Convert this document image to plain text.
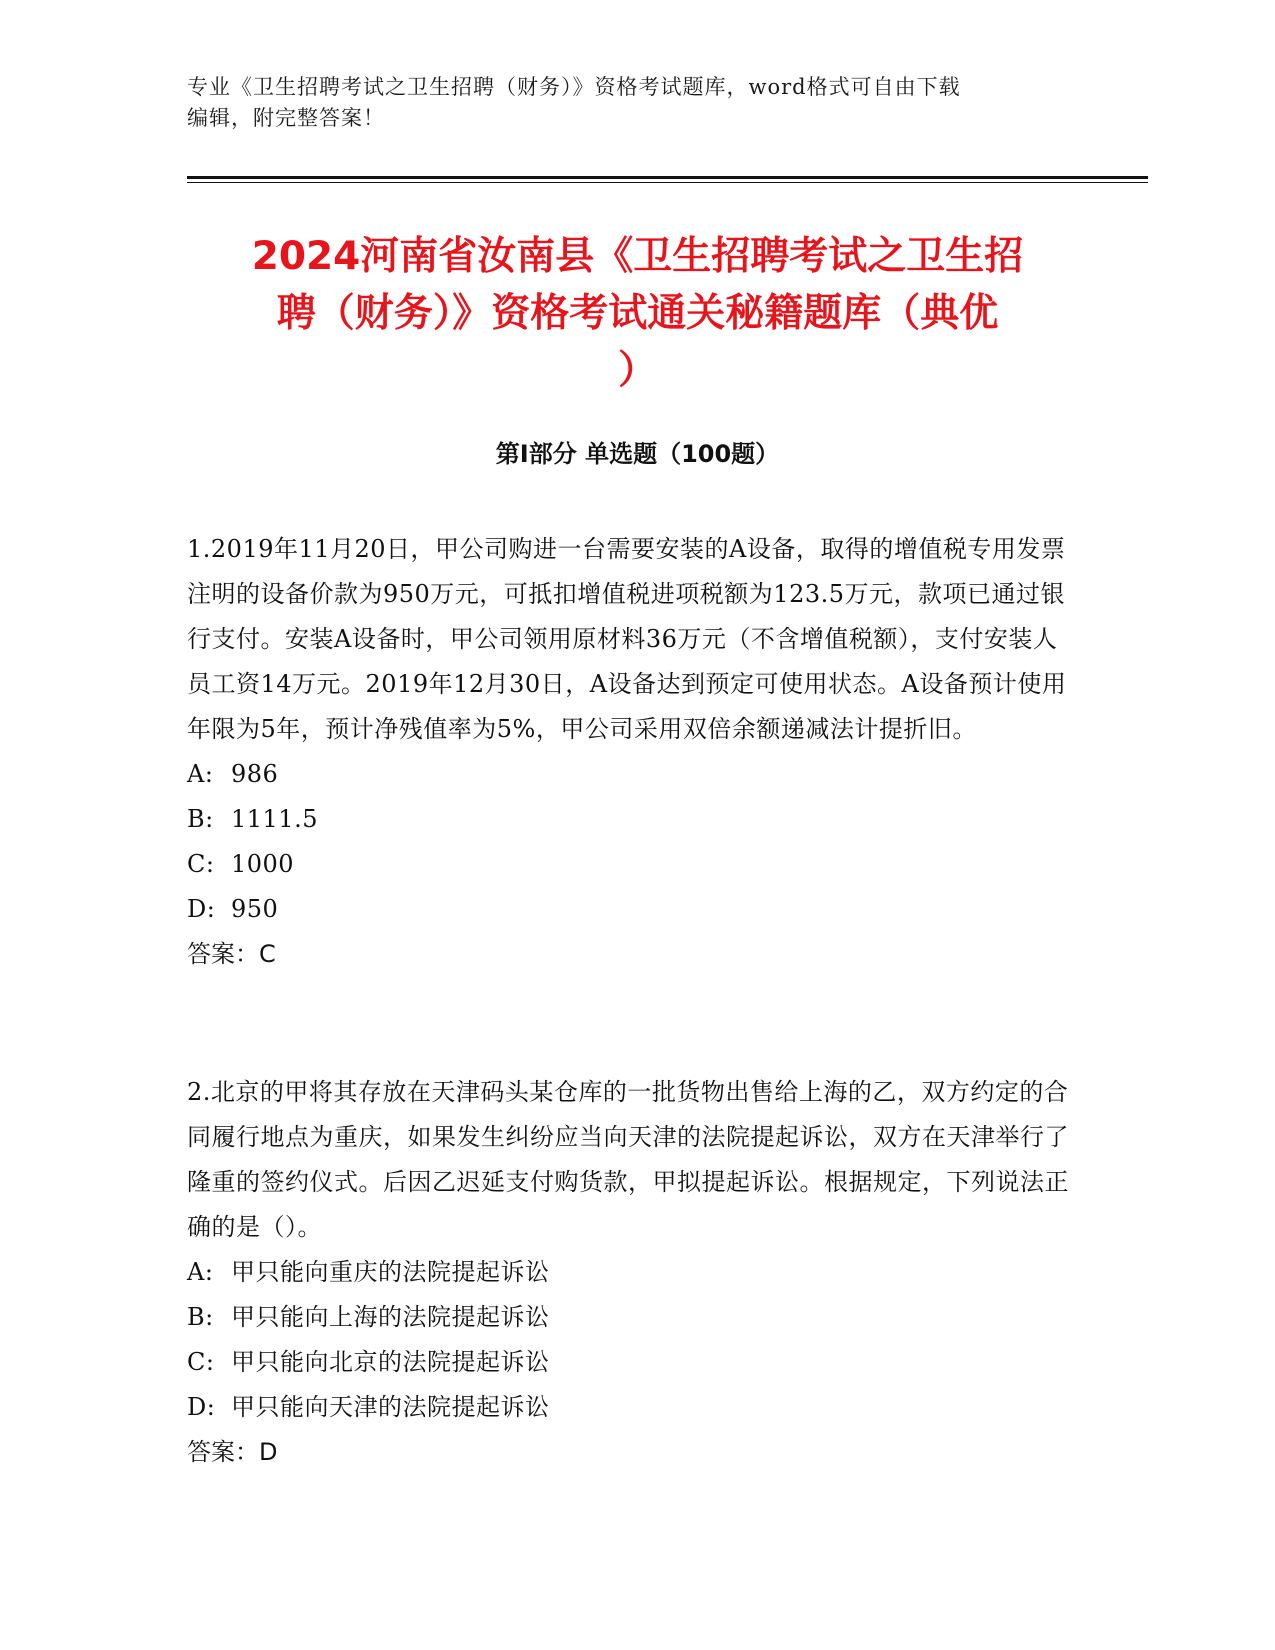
专业《卫生招聘考试之卫生招聘（财务）》资格考试题库，word格式可自由下载
编辑，附完整答案！
2024河南省汝南县《卫生招聘考试之卫生招
聘（财务）》资格考试通关秘籍题库（典优
）
第Ⅰ部分 单选题（100题）

1.2019年11月20日，甲公司购进一台需要安装的A设备，取得的增值税专用发票注明的设备价款为950万元，可抵扣增值税进项税额为123.5万元，款项已通过银行支付。安装A设备时，甲公司领用原材料36万元（不含增值税额），支付安装人员工资14万元。2019年12月30日，A设备达到预定可使用状态。A设备预计使用年限为5年，预计净残值率为5%，甲公司采用双倍余额递减法计提折旧。

A: 986
B: 1111.5
C: 1000
D: 950

答案：C

2.北京的甲将其存放在天津码头某仓库的一批货物出售给上海的乙，双方约定的合同履行地点为重庆，如果发生纠纷应当向天津的法院提起诉讼，双方在天津举行了隆重的签约仪式。后因乙迟延支付购货款，甲拟提起诉讼。根据规定，下列说法正确的是（）。

A: 甲只能向重庆的法院提起诉讼
B: 甲只能向上海的法院提起诉讼
C: 甲只能向北京的法院提起诉讼
D: 甲只能向天津的法院提起诉讼

答案：D
